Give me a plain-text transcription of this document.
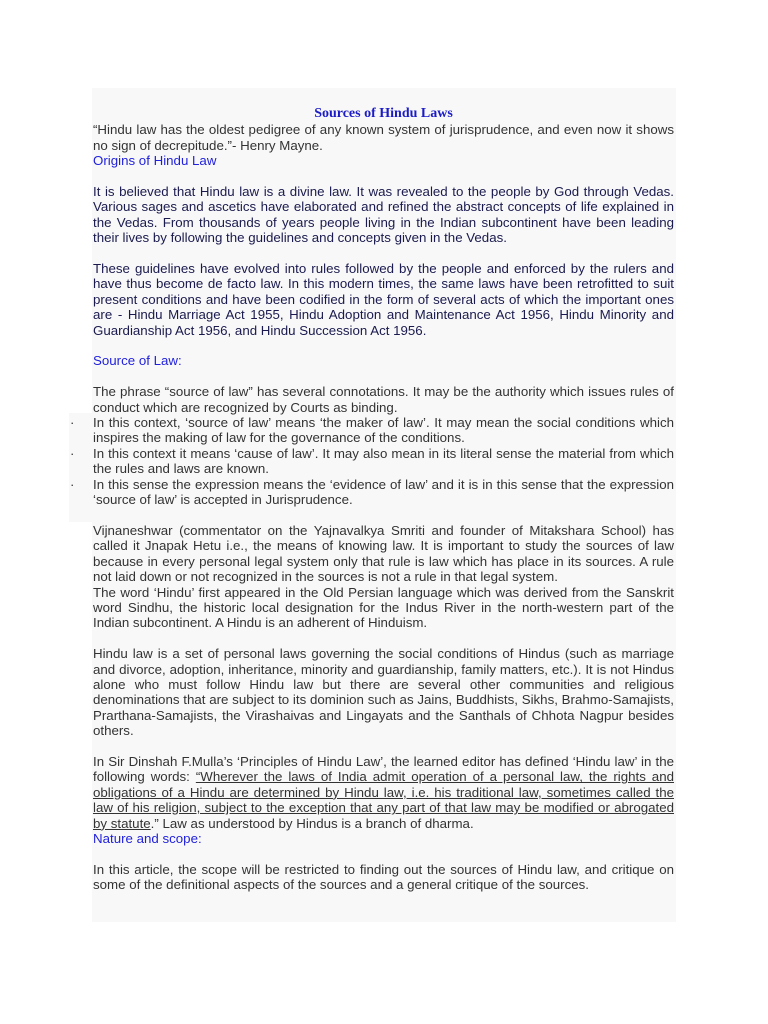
Sources of Hindu Laws

“Hindu law has the oldest pedigree of any known system of jurisprudence, and even now it shows no sign of decrepitude.”- Henry Mayne.

Origins of Hindu Law

It is believed that Hindu law is a divine law. It was revealed to the people by God through Vedas. Various sages and ascetics have elaborated and refined the abstract concepts of life explained in the Vedas. From thousands of years people living in the Indian subcontinent have been leading their lives by following the guidelines and concepts given in the Vedas.

These guidelines have evolved into rules followed by the people and enforced by the rulers and have thus become de facto law. In this modern times, the same laws have been retrofitted to suit present conditions and have been codified in the form of several acts of which the important ones are - Hindu Marriage Act 1955, Hindu Adoption and Maintenance Act 1956, Hindu Minority and Guardianship Act 1956, and Hindu Succession Act 1956.

Source of Law:

The phrase “source of law” has several connotations. It may be the authority which issues rules of conduct which are recognized by Courts as binding.

·	In this context, ‘source of law’ means ‘the maker of law’. It may mean the social conditions which inspires the making of law for the governance of the conditions.
·	In this context it means ‘cause of law’. It may also mean in its literal sense the material from which the rules and laws are known.
·	In this sense the expression means the ‘evidence of law’ and it is in this sense that the expression ‘source of law’ is accepted in Jurisprudence.

Vijnaneshwar (commentator on the Yajnavalkya Smriti and founder of Mitakshara School) has called it Jnapak Hetu i.e., the means of knowing law. It is important to study the sources of law because in every personal legal system only that rule is law which has place in its sources. A rule not laid down or not recognized in the sources is not a rule in that legal system.

The word ‘Hindu’ first appeared in the Old Persian language which was derived from the Sanskrit word Sindhu, the historic local designation for the Indus River in the north-western part of the Indian subcontinent. A Hindu is an adherent of Hinduism.

Hindu law is a set of personal laws governing the social conditions of Hindus (such as marriage and divorce, adoption, inheritance, minority and guardianship, family matters, etc.). It is not Hindus alone who must follow Hindu law but there are several other communities and religious denominations that are subject to its dominion such as Jains, Buddhists, Sikhs, Brahmo-Samajists, Prarthana-Samajists, the Virashaivas and Lingayats and the Santhals of Chhota Nagpur besides others.

In Sir Dinshah F.Mulla’s ‘Principles of Hindu Law’, the learned editor has defined ‘Hindu law’ in the following words: “Wherever the laws of India admit operation of a personal law, the rights and obligations of a Hindu are determined by Hindu law, i.e. his traditional law, sometimes called the law of his religion, subject to the exception that any part of that law may be modified or abrogated by statute.” Law as understood by Hindus is a branch of dharma.

Nature and scope:

In this article, the scope will be restricted to finding out the sources of Hindu law, and critique on some of the definitional aspects of the sources and a general critique of the sources.
